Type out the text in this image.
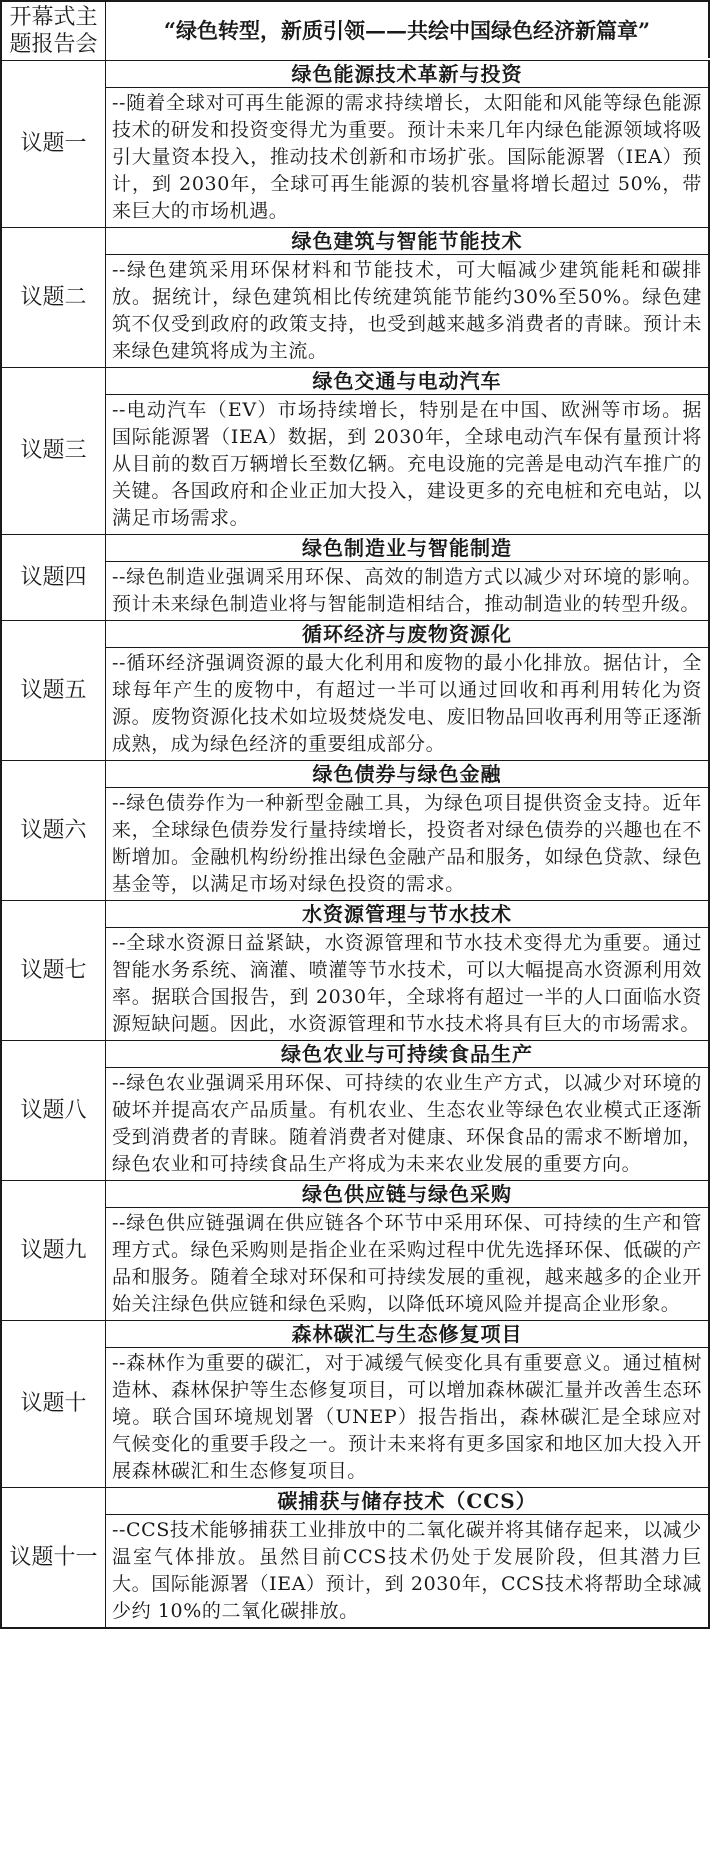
开幕式主题报告会
“绿色转型，新质引领——共绘中国绿色经济新篇章”
议题一
绿色能源技术革新与投资
--随着全球对可再生能源的需求持续增长，太阳能和风能等绿色能源技术的研发和投资变得尤为重要。预计未来几年内绿色能源领域将吸引大量资本投入，推动技术创新和市场扩张。国际能源署（IEA）预计，到 2030年，全球可再生能源的装机容量将增长超过 50%，带来巨大的市场机遇。
议题二
绿色建筑与智能节能技术
--绿色建筑采用环保材料和节能技术，可大幅减少建筑能耗和碳排放。据统计，绿色建筑相比传统建筑能节能约30%至50%。绿色建筑不仅受到政府的政策支持，也受到越来越多消费者的青睐。预计未来绿色建筑将成为主流。
议题三
绿色交通与电动汽车
--电动汽车（EV）市场持续增长，特别是在中国、欧洲等市场。据国际能源署（IEA）数据，到 2030年，全球电动汽车保有量预计将从目前的数百万辆增长至数亿辆。充电设施的完善是电动汽车推广的关键。各国政府和企业正加大投入，建设更多的充电桩和充电站，以满足市场需求。
议题四
绿色制造业与智能制造
--绿色制造业强调采用环保、高效的制造方式以减少对环境的影响。预计未来绿色制造业将与智能制造相结合，推动制造业的转型升级。
议题五
循环经济与废物资源化
--循环经济强调资源的最大化利用和废物的最小化排放。据估计，全球每年产生的废物中，有超过一半可以通过回收和再利用转化为资源。废物资源化技术如垃圾焚烧发电、废旧物品回收再利用等正逐渐成熟，成为绿色经济的重要组成部分。
议题六
绿色债券与绿色金融
--绿色债券作为一种新型金融工具，为绿色项目提供资金支持。近年来，全球绿色债券发行量持续增长，投资者对绿色债券的兴趣也在不断增加。金融机构纷纷推出绿色金融产品和服务，如绿色贷款、绿色基金等，以满足市场对绿色投资的需求。
议题七
水资源管理与节水技术
--全球水资源日益紧缺，水资源管理和节水技术变得尤为重要。通过智能水务系统、滴灌、喷灌等节水技术，可以大幅提高水资源利用效率。据联合国报告，到 2030年，全球将有超过一半的人口面临水资源短缺问题。因此，水资源管理和节水技术将具有巨大的市场需求。
议题八
绿色农业与可持续食品生产
--绿色农业强调采用环保、可持续的农业生产方式，以减少对环境的破坏并提高农产品质量。有机农业、生态农业等绿色农业模式正逐渐受到消费者的青睐。随着消费者对健康、环保食品的需求不断增加，绿色农业和可持续食品生产将成为未来农业发展的重要方向。
议题九
绿色供应链与绿色采购
--绿色供应链强调在供应链各个环节中采用环保、可持续的生产和管理方式。绿色采购则是指企业在采购过程中优先选择环保、低碳的产品和服务。随着全球对环保和可持续发展的重视，越来越多的企业开始关注绿色供应链和绿色采购，以降低环境风险并提高企业形象。
议题十
森林碳汇与生态修复项目
--森林作为重要的碳汇，对于减缓气候变化具有重要意义。通过植树造林、森林保护等生态修复项目，可以增加森林碳汇量并改善生态环境。联合国环境规划署（UNEP）报告指出，森林碳汇是全球应对气候变化的重要手段之一。预计未来将有更多国家和地区加大投入开展森林碳汇和生态修复项目。
议题十一
碳捕获与储存技术（CCS）
--CCS技术能够捕获工业排放中的二氧化碳并将其储存起来，以减少温室气体排放。虽然目前CCS技术仍处于发展阶段，但其潜力巨大。国际能源署（IEA）预计，到 2030年，CCS技术将帮助全球减少约 10%的二氧化碳排放。
